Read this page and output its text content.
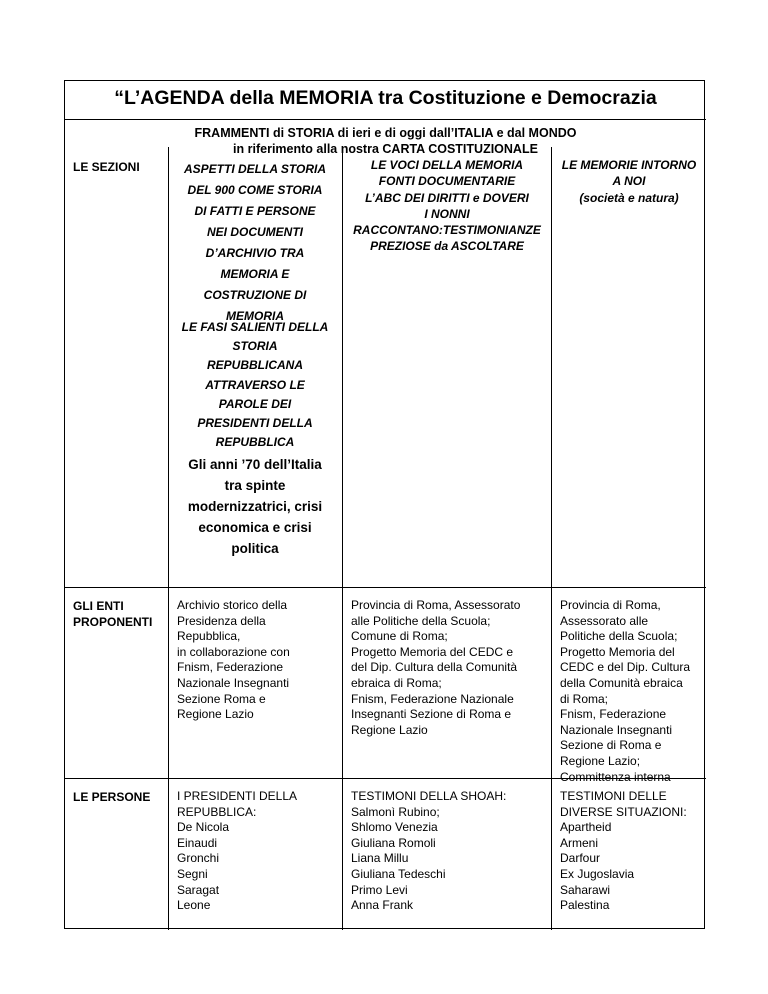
“L’AGENDA della MEMORIA tra Costituzione e Democrazia
FRAMMENTI di STORIA di ieri e di oggi dall’ITALIA e dal MONDO
in riferimento alla nostra CARTA COSTITUZIONALE
LE SEZIONI	ASPETTI DELLA STORIA
DEL 900 COME STORIA
DI FATTI E PERSONE
NEI DOCUMENTI
D’ARCHIVIO TRA
MEMORIA E
COSTRUZIONE DI
MEMORIA
LE FASI SALIENTI DELLA
STORIA
REPUBBLICANA
ATTRAVERSO LE
PAROLE DEI
PRESIDENTI DELLA
REPUBBLICA
Gli anni ’70 dell’Italia
tra spinte
modernizzatrici, crisi
economica e crisi
politica
LE VOCI DELLA MEMORIA
FONTI DOCUMENTARIE
L’ABC DEI DIRITTI e DOVERI
I NONNI
RACCONTANO:TESTIMONIANZE
PREZIOSE da ASCOLTARE
LE MEMORIE INTORNO
A NOI
(società e natura)
GLI ENTI
PROPONENTI
Archivio storico della
Presidenza della
Repubblica,
in collaborazione con
Fnism, Federazione
Nazionale Insegnanti
Sezione Roma e
Regione Lazio
Provincia di Roma, Assessorato
alle Politiche della Scuola;
Comune di Roma;
Progetto Memoria del CEDC e
del Dip. Cultura della Comunità
ebraica di Roma;
Fnism, Federazione Nazionale
Insegnanti Sezione di Roma e
Regione Lazio
Provincia di Roma,
Assessorato alle
Politiche della Scuola;
Progetto Memoria del
CEDC e del Dip. Cultura
della Comunità ebraica
di Roma;
Fnism, Federazione
Nazionale Insegnanti
Sezione di Roma e
Regione Lazio;
Committenza interna
LE PERSONE I PRESIDENTI DELLA
REPUBBLICA:
De Nicola
Einaudi
Gronchi
Segni
Saragat
Leone
TESTIMONI DELLA SHOAH:
Salmonì Rubino;
Shlomo Venezia
Giuliana Romoli
Liana Millu
Giuliana Tedeschi
Primo Levi
Anna Frank
TESTIMONI DELLE
DIVERSE SITUAZIONI:
Apartheid
Armeni
Darfour
Ex Jugoslavia
Saharawi
Palestina
